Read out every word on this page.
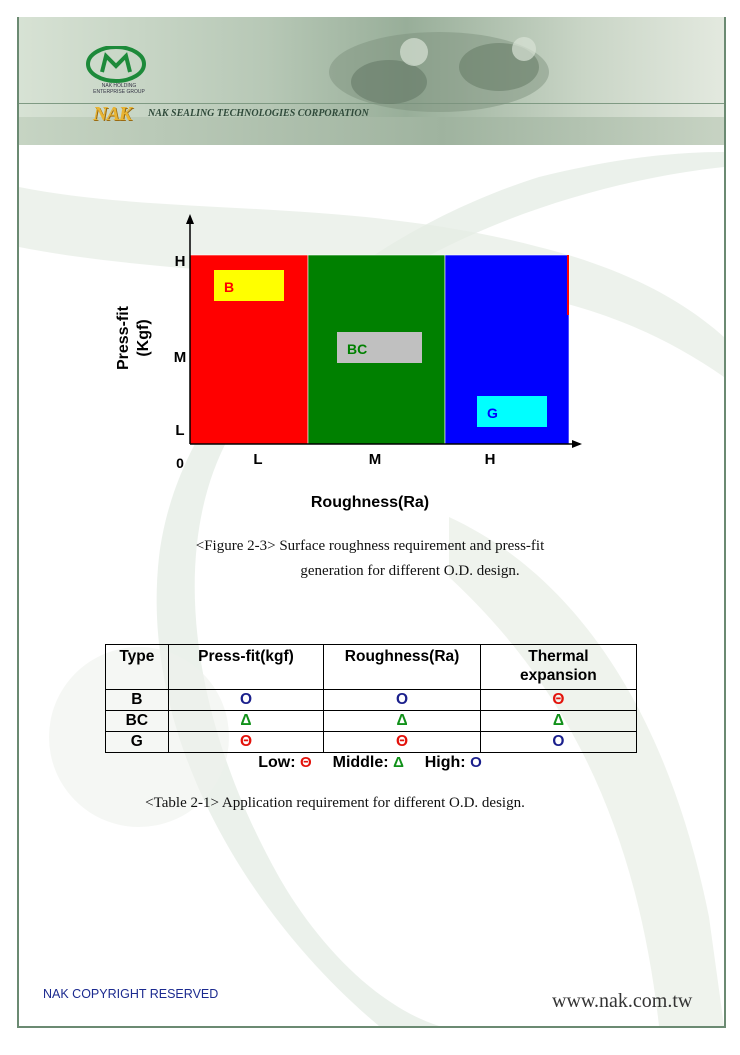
NAK HOLDING
ENTERPRISE GROUP
NAK NAK SEALING TECHNOLOGIES CORPORATION
H
M
L
L	M	H
0
Roughness(Ra)
Press-fit (Kgf)
B
BC
G
<Figure 2-3> Surface roughness requirement and press-fit
generation for different O.D. design.
Type	Press-fit(kgf)	Roughness(Ra)	Thermal expansion

B	O	O	Θ
BC	Δ	Δ	Δ
G	Θ	Θ	O
Low: Θ Middle: Δ High: O
<Table 2-1> Application requirement for different O.D. design.
NAK COPYRIGHT RESERVED	www.nak.com.tw
